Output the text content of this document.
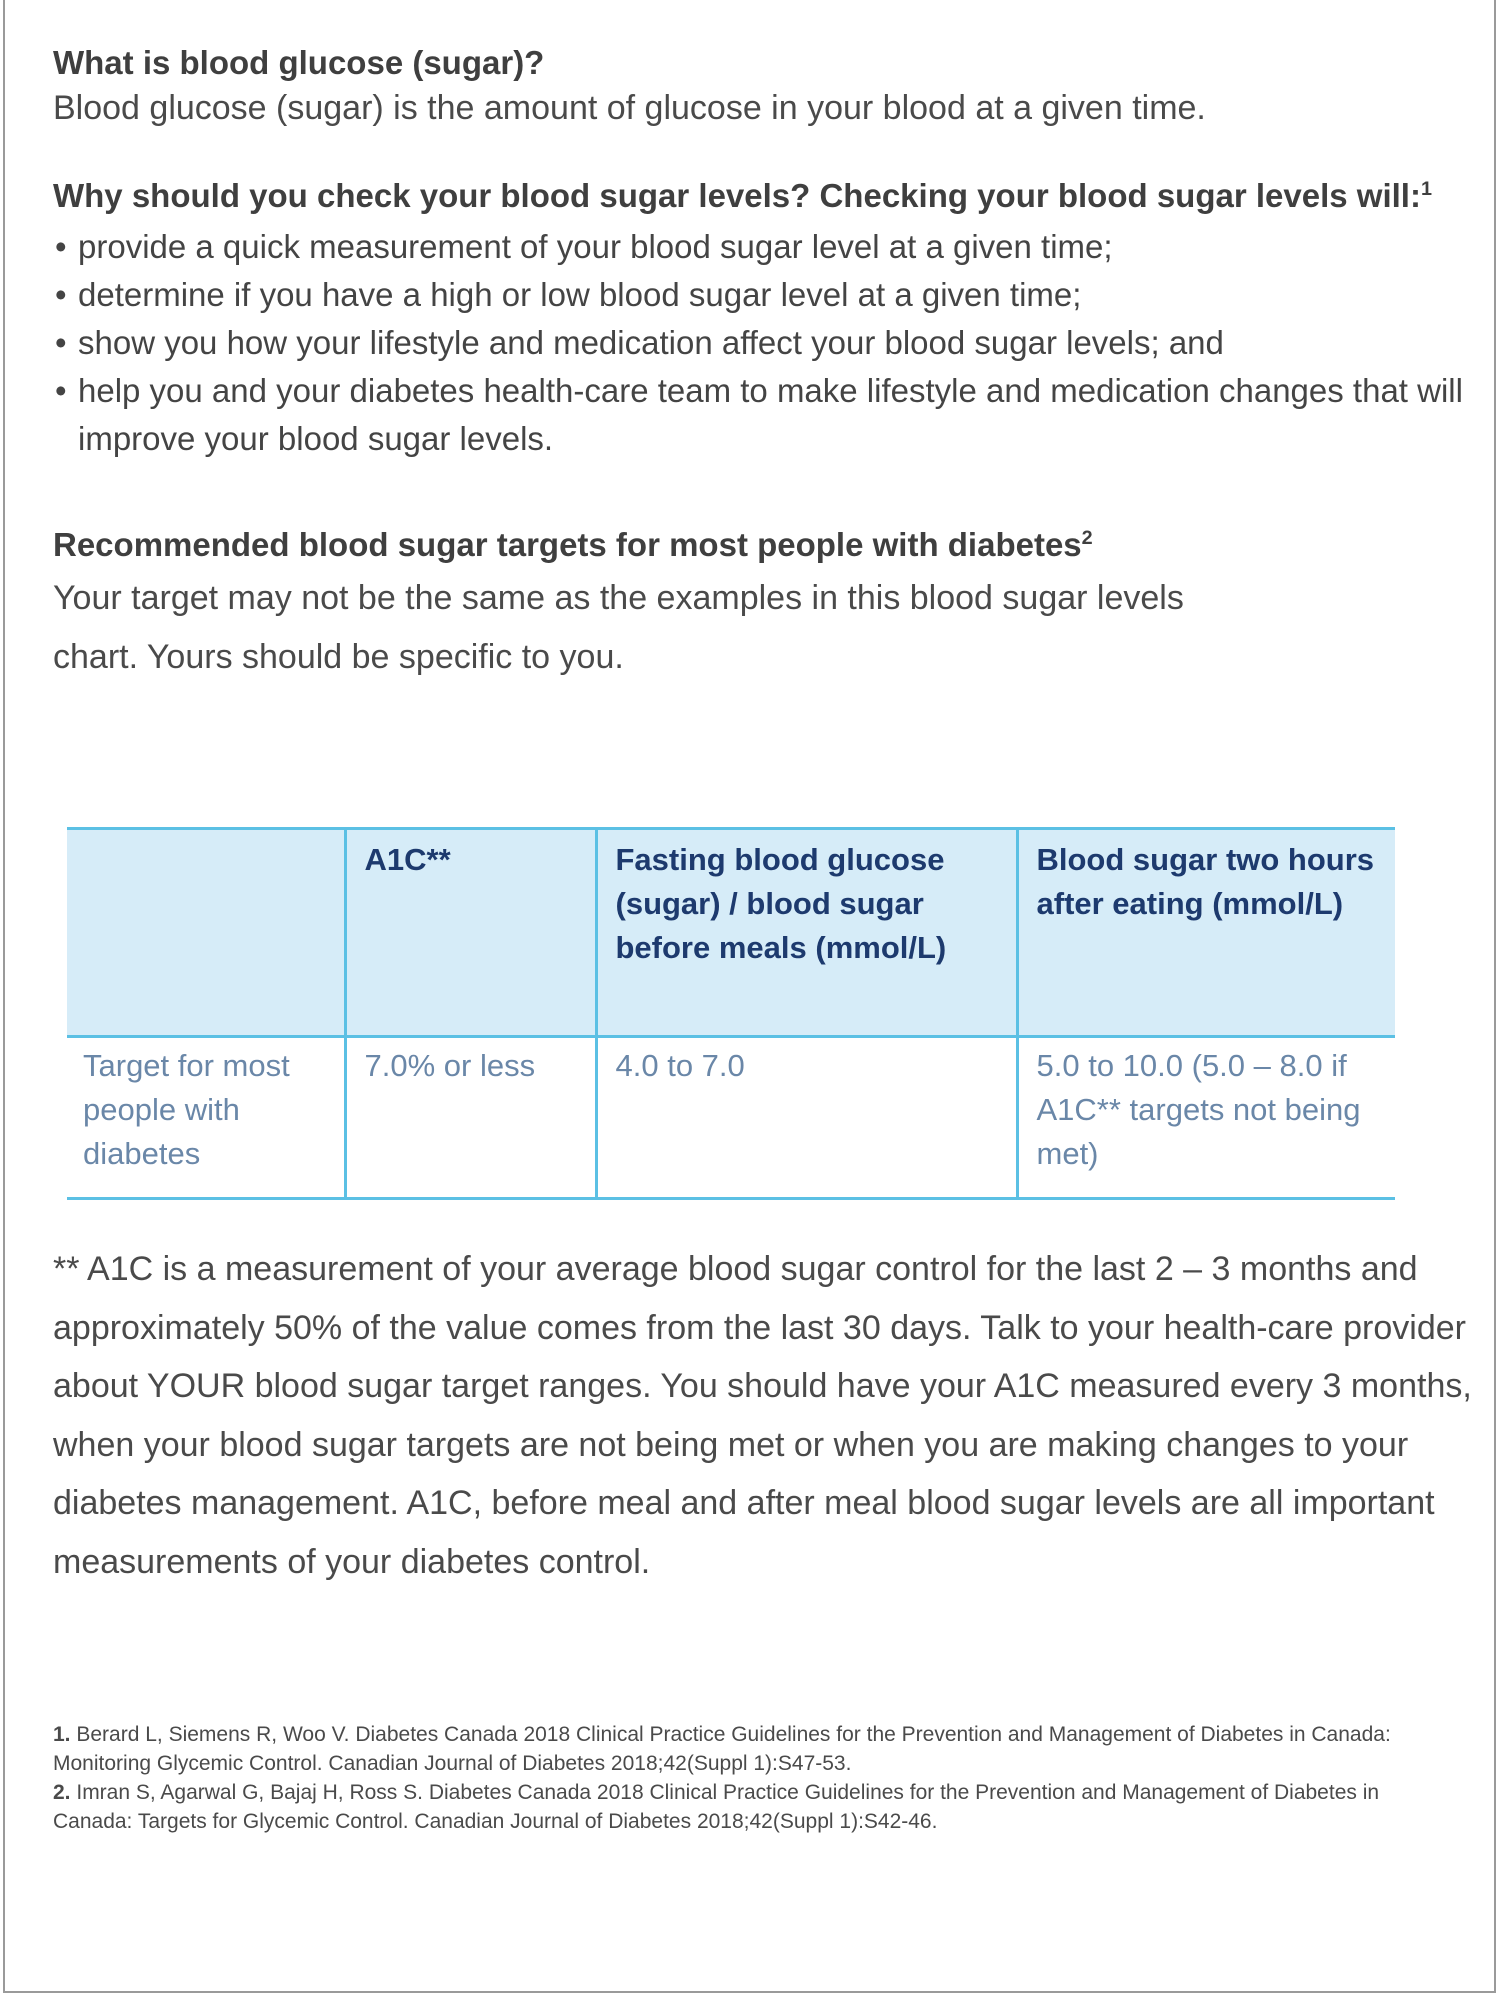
What is blood glucose (sugar)?
Blood glucose (sugar) is the amount of glucose in your blood at a given time.
Why should you check your blood sugar levels? Checking your blood sugar levels will:$^1$
• provide a quick measurement of your blood sugar level at a given time;
• determine if you have a high or low blood sugar level at a given time;
• show you how your lifestyle and medication affect your blood sugar levels; and
• help you and your diabetes health-care team to make lifestyle and medication changes that will improve your blood sugar levels.
Recommended blood sugar targets for most people with diabetes$^2$
Your target may not be the same as the examples in this blood sugar levels chart. Yours should be specific to you.
	A1C**	Fasting blood glucose (sugar) / blood sugar before meals (mmol/L)	Blood sugar two hours after eating (mmol/L)
Target for most people with diabetes	7.0% or less	4.0 to 7.0	5.0 to 10.0 (5.0 – 8.0 if A1C** targets not being met)
** A1C is a measurement of your average blood sugar control for the last 2 – 3 months and approximately 50% of the value comes from the last 30 days. Talk to your health-care provider about YOUR blood sugar target ranges. You should have your A1C measured every 3 months, when your blood sugar targets are not being met or when you are making changes to your diabetes management. A1C, before meal and after meal blood sugar levels are all important measurements of your diabetes control.
1. Berard L, Siemens R, Woo V. Diabetes Canada 2018 Clinical Practice Guidelines for the Prevention and Management of Diabetes in Canada: Monitoring Glycemic Control. Canadian Journal of Diabetes 2018;42(Suppl 1):S47-53.
2. Imran S, Agarwal G, Bajaj H, Ross S. Diabetes Canada 2018 Clinical Practice Guidelines for the Prevention and Management of Diabetes in Canada: Targets for Glycemic Control. Canadian Journal of Diabetes 2018;42(Suppl 1):S42-46.
